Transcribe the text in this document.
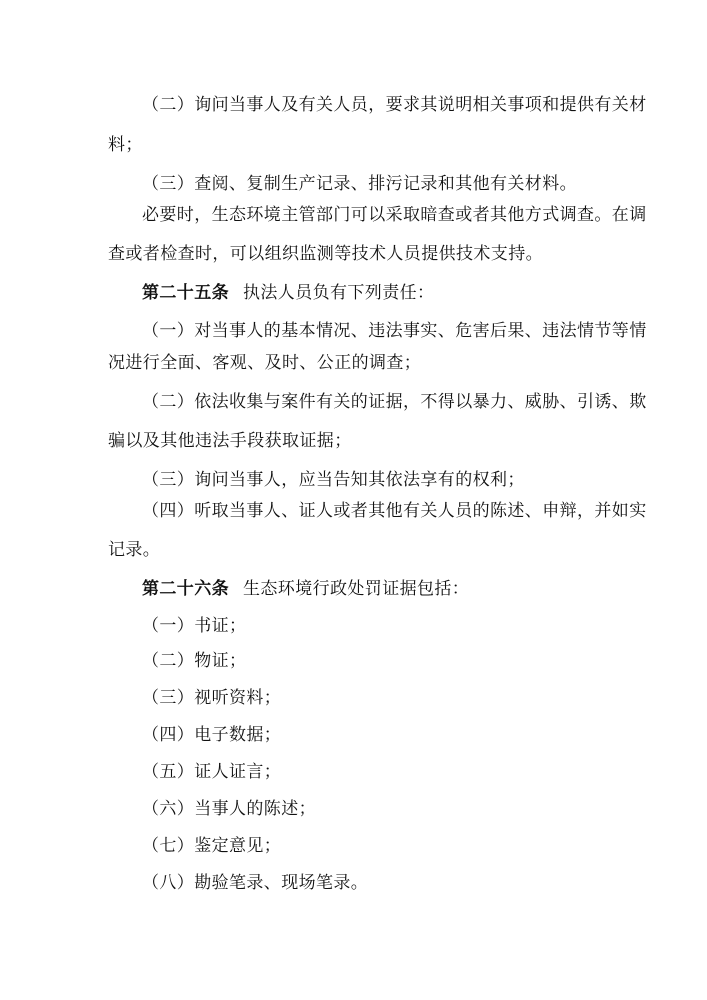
（二）询问当事人及有关人员，要求其说明相关事项和提供有关材
料；
（三）查阅、复制生产记录、排污记录和其他有关材料。
必要时，生态环境主管部门可以采取暗查或者其他方式调查。在调
查或者检查时，可以组织监测等技术人员提供技术支持。
第二十五条 执法人员负有下列责任：
（一）对当事人的基本情况、违法事实、危害后果、违法情节等情
况进行全面、客观、及时、公正的调查；
（二）依法收集与案件有关的证据，不得以暴力、威胁、引诱、欺
骗以及其他违法手段获取证据；
（三）询问当事人，应当告知其依法享有的权利；
（四）听取当事人、证人或者其他有关人员的陈述、申辩，并如实
记录。
第二十六条 生态环境行政处罚证据包括：
（一）书证；
（二）物证；
（三）视听资料；
（四）电子数据；
（五）证人证言；
（六）当事人的陈述；
（七）鉴定意见；
（八）勘验笔录、现场笔录。
